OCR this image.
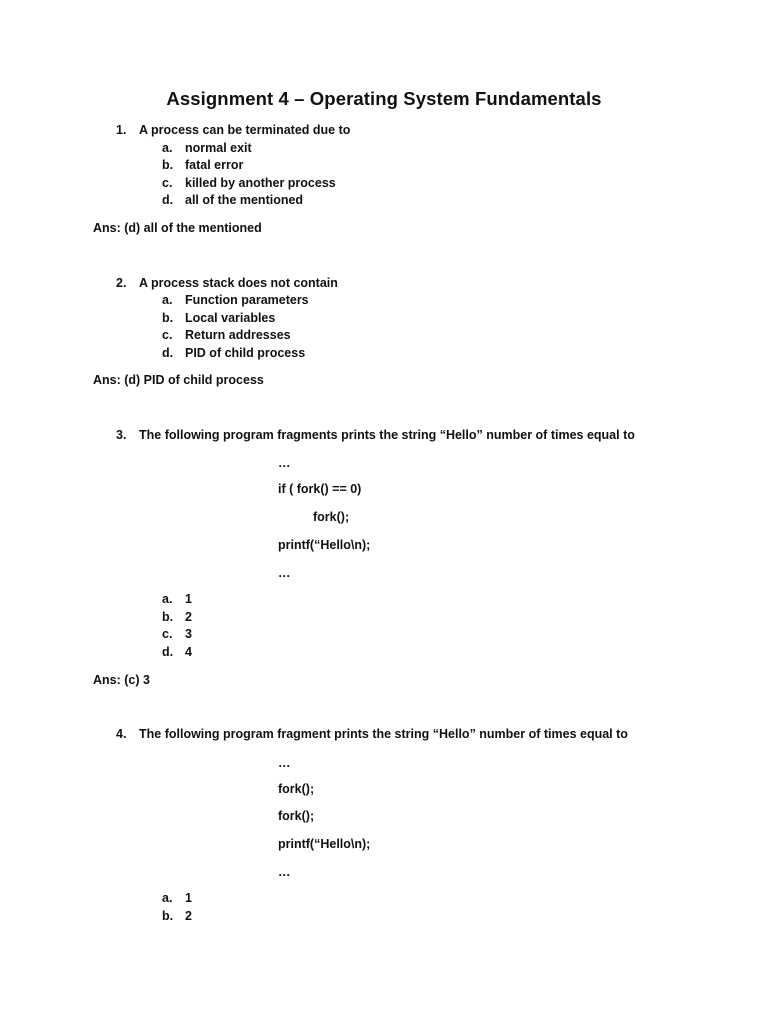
Assignment 4 – Operating System Fundamentals
1. A process can be terminated due to
a. normal exit
b. fatal error
c. killed by another process
d. all of the mentioned
Ans: (d) all of the mentioned
2. A process stack does not contain
a. Function parameters
b. Local variables
c. Return addresses
d. PID of child process
Ans: (d) PID of child process
3. The following program fragments prints the string “Hello” number of times equal to
…
if ( fork() == 0)
fork();
printf(“Hello\n);
…
a. 1
b. 2
c. 3
d. 4
Ans: (c) 3
4. The following program fragment prints the string “Hello” number of times equal to
…
fork();
fork();
printf(“Hello\n);
…
a. 1
b. 2
